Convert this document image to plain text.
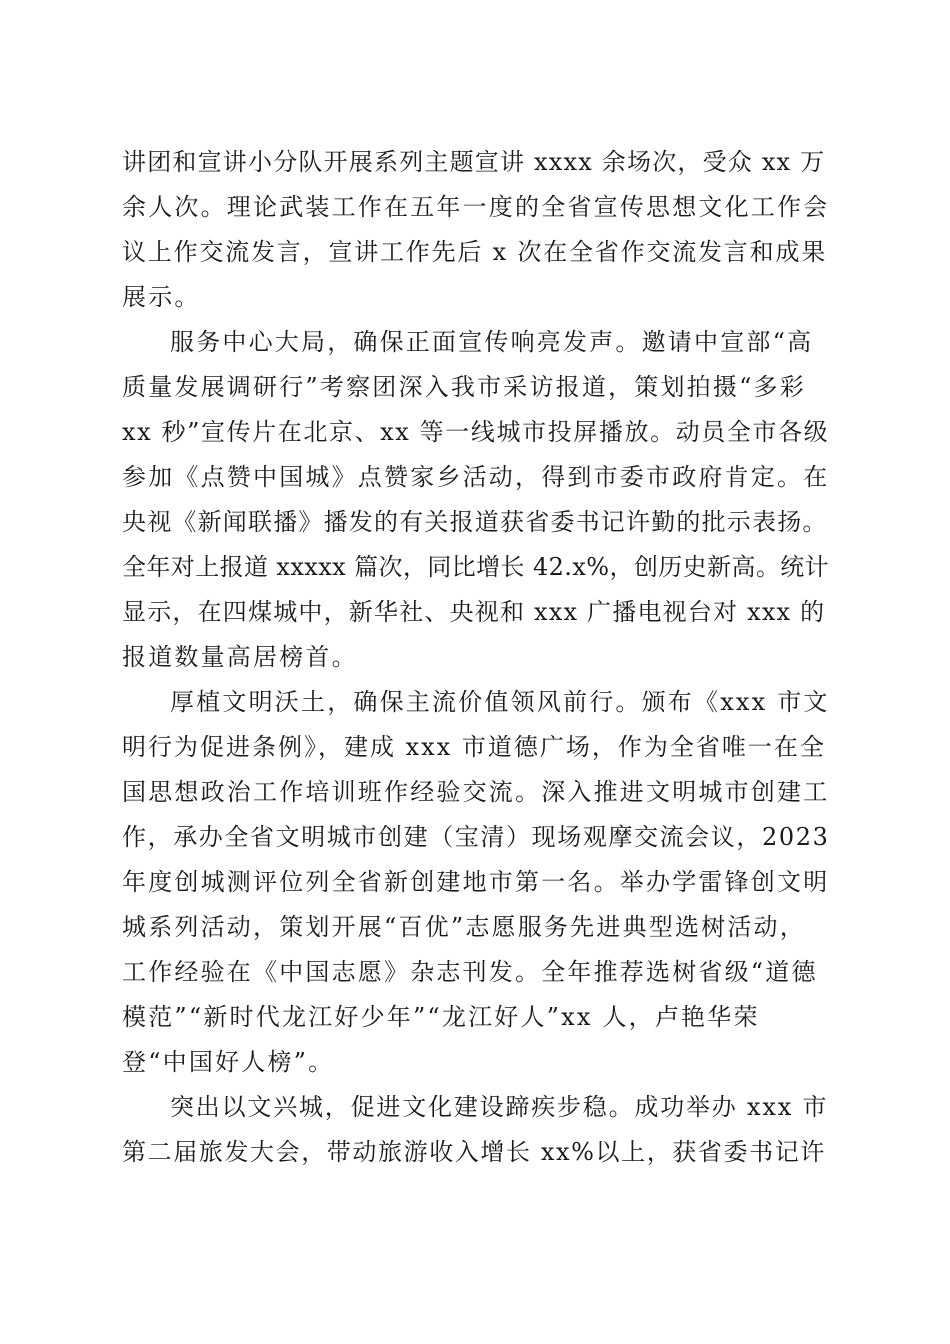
讲团和宣讲小分队开展系列主题宣讲 xxxx 余场次，受众 xx 万
余人次。理论武装工作在五年一度的全省宣传思想文化工作会
议上作交流发言，宣讲工作先后 x 次在全省作交流发言和成果
展示。
服务中心大局，确保正面宣传响亮发声。邀请中宣部“高
质量发展调研行”考察团深入我市采访报道，策划拍摄“多彩
xx 秒”宣传片在北京、xx 等一线城市投屏播放。动员全市各级
参加《点赞中国城》点赞家乡活动，得到市委市政府肯定。在
央视《新闻联播》播发的有关报道获省委书记许勤的批示表扬。
全年对上报道 xxxxx 篇次，同比增长 42.x%，创历史新高。统计
显示，在四煤城中，新华社、央视和 xxx 广播电视台对 xxx 的
报道数量高居榜首。
厚植文明沃土，确保主流价值领风前行。颁布《xxx 市文
明行为促进条例》，建成 xxx 市道德广场，作为全省唯一在全
国思想政治工作培训班作经验交流。深入推进文明城市创建工
作，承办全省文明城市创建（宝清）现场观摩交流会议，2023
年度创城测评位列全省新创建地市第一名。举办学雷锋创文明
城系列活动，策划开展“百优”志愿服务先进典型选树活动，
工作经验在《中国志愿》杂志刊发。全年推荐选树省级“道德
模范”“新时代龙江好少年”“龙江好人”xx 人，卢艳华荣
登“中国好人榜”。
突出以文兴城，促进文化建设蹄疾步稳。成功举办 xxx 市
第二届旅发大会，带动旅游收入增长 xx%以上，获省委书记许
